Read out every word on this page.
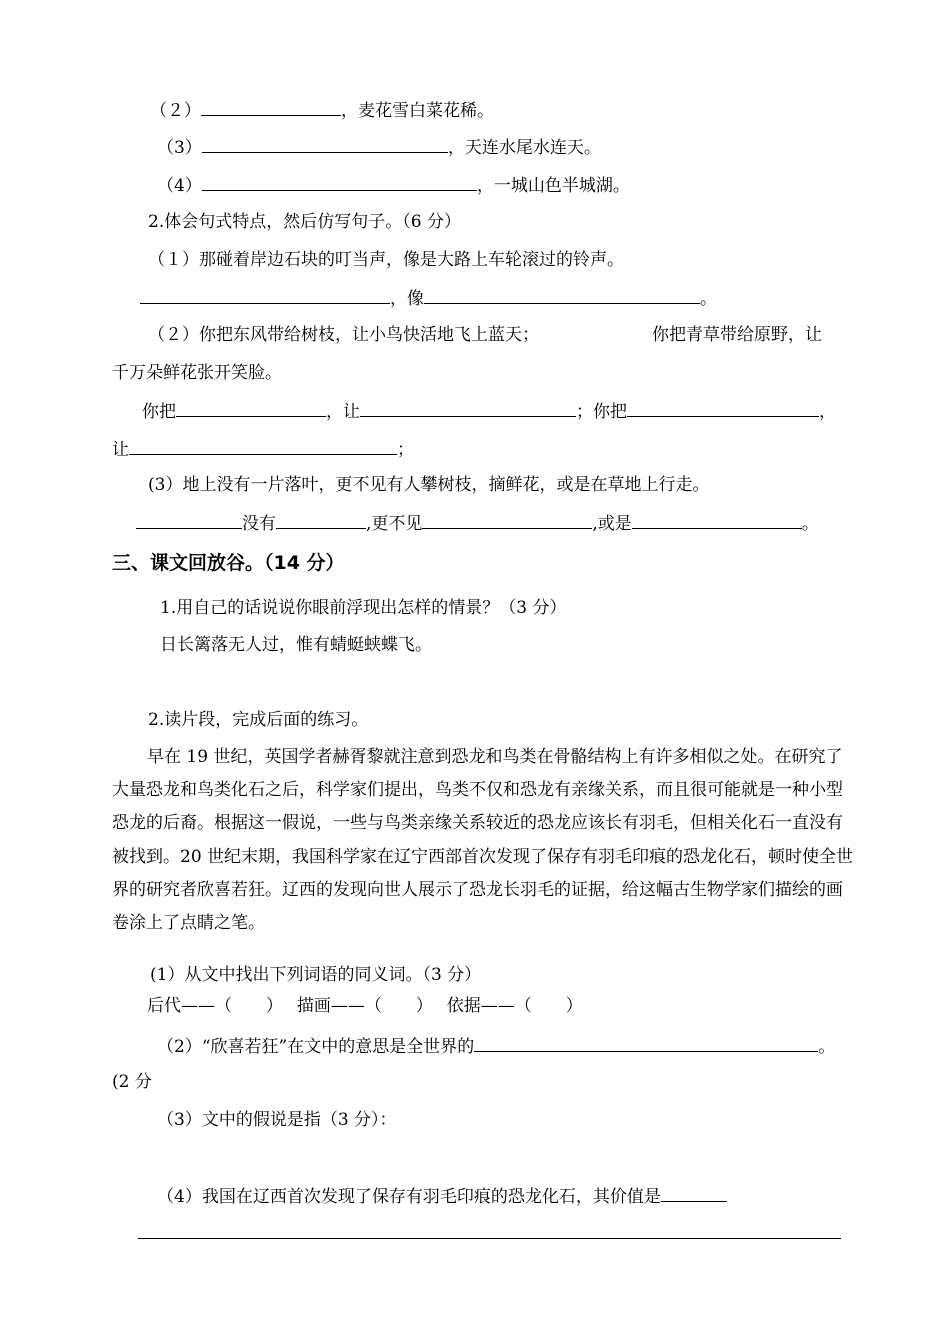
（２）	，麦花雪白菜花稀。
（3）	，天连水尾水连天。
（4）	，一城山色半城湖。
2.体会句式特点，然后仿写句子。（6 分）
（１）那碰着岸边石块的叮当声，像是大路上车轮滚过的铃声。
，像	。
（２）你把东风带给树枝，让小鸟快活地飞上蓝天；	你把青草带给原野，让
千万朵鲜花张开笑脸。
你把	，让	；你把	，
让	；
(3）地上没有一片落叶，更不见有人攀树枝，摘鲜花，或是在草地上行走。
没有	,更不见	,或是	。
三、课文回放谷。（14 分）
1.用自己的话说说你眼前浮现出怎样的情景？（3 分）
日长篱落无人过，惟有蜻蜓蛱蝶飞。
2.读片段，完成后面的练习。
早在 19 世纪，英国学者赫胥黎就注意到恐龙和鸟类在骨骼结构上有许多相似之处。在研究了大量恐龙和鸟类化石之后，科学家们提出，鸟类不仅和恐龙有亲缘关系，而且很可能就是一种小型恐龙的后裔。根据这一假说，一些与鸟类亲缘关系较近的恐龙应该长有羽毛，但相关化石一直没有被找到。20 世纪末期，我国科学家在辽宁西部首次发现了保存有羽毛印痕的恐龙化石，顿时使全世界的研究者欣喜若狂。辽西的发现向世人展示了恐龙长羽毛的证据，给这幅古生物学家们描绘的画卷涂上了点睛之笔。
(1）从文中找出下列词语的同义词。（3 分）
后代——（　　）　 描画——（　　）　 依据——（　　）
（2）“欣喜若狂”在文中的意思是全世界的	。
(2 分
（3）文中的假说是指（3 分）：
（4）我国在辽西首次发现了保存有羽毛印痕的恐龙化石，其价值是
